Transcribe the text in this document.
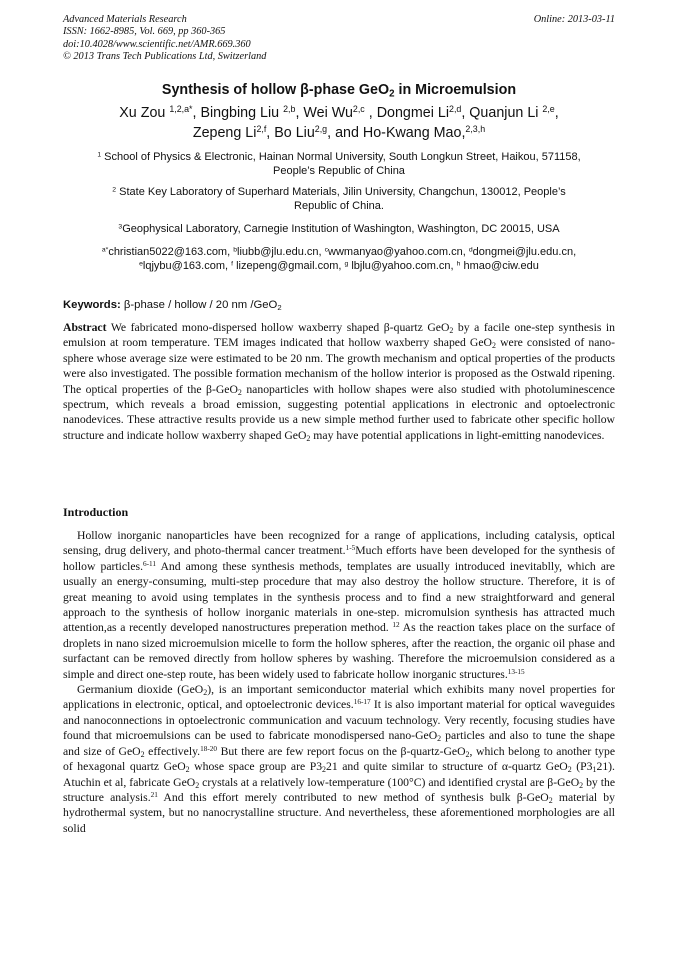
Advanced Materials Research
ISSN: 1662-8985, Vol. 669, pp 360-365
doi:10.4028/www.scientific.net/AMR.669.360
© 2013 Trans Tech Publications Ltd, Switzerland
Online: 2013-03-11
Synthesis of hollow β-phase GeO$_2$ in Microemulsion
Xu Zou $^{1,2,a*}$, Bingbing Liu $^{2,b}$, Wei Wu$^{2,c}$ , Dongmei Li$^{2,d}$, Quanjun Li $^{2,e}$,
Zepeng Li$^{2,f}$, Bo Liu$^{2,g}$, and Ho-Kwang Mao,$^{2,3,h}$
$^1$ School of Physics & Electronic, Hainan Normal University, South Longkun Street, Haikou, 571158,
People’s Republic of China
$^2$ State Key Laboratory of Superhard Materials, Jilin University, Changchun, 130012, People’s
Republic of China.
$^3$Geophysical Laboratory, Carnegie Institution of Washington, Washington, DC 20015, USA
$^{a*}$christian5022@163.com, $^b$liubb@jlu.edu.cn, $^c$wwmanyao@yahoo.com.cn, $^d$dongmei@jlu.edu.cn,
$^e$lqjybu@163.com, $^f$ lizepeng@gmail.com, $^g$ lbjlu@yahoo.com.cn, $^h$ hmao@ciw.edu
Keywords: β-phase / hollow / 20 nm /GeO$_2$
Abstract We fabricated mono-dispersed hollow waxberry shaped β-quartz GeO$_2$ by a facile one-step synthesis in emulsion at room temperature. TEM images indicated that hollow waxberry shaped GeO$_2$ were consisted of nano-sphere whose average size were estimated to be 20 nm. The growth mechanism and optical properties of the products were also investigated. The possible formation mechanism of the hollow interior is proposed as the Ostwald ripening. The optical properties of the β-GeO$_2$ nanoparticles with hollow shapes were also studied with photoluminescence spectrum, which reveals a broad emission, suggesting potential applications in electronic and optoelectronic nanodevices. These attractive results provide us a new simple method further used to fabricate other specific hollow structure and indicate hollow waxberry shaped GeO$_2$ may have potential applications in light-emitting nanodevices.
Introduction

Hollow inorganic nanoparticles have been recognized for a range of applications, including catalysis, optical sensing, drug delivery, and photo-thermal cancer treatment.$^{1-5}$Much efforts have been developed for the synthesis of hollow particles.$^{6-11}$ And among these synthesis methods, templates are usually introduced inevitablly, which are usually an energy-consuming, multi-step procedure that may also destroy the hollow structure. Therefore, it is of great meaning to avoid using templates in the synthesis process and to find a new straightforward and general approach to the synthesis of hollow inorganic materials in one-step. micromulsion synthesis has attracted much attention,as a recently developed nanostructures preperation method. $^{12}$ As the reaction takes place on the surface of droplets in nano sized microemulsion micelle to form the hollow spheres, after the reaction, the organic oil phase and surfactant can be removed directly from hollow spheres by washing. Therefore the microemulsion considered as a simple and direct one-step route, has been widely used to fabricate hollow inorganic structures.$^{13-15}$

Germanium dioxide (GeO$_2$), is an important semiconductor material which exhibits many novel properties for applications in electronic, optical, and optoelectronic devices.$^{16-17}$ It is also important material for optical waveguides and nanoconnections in optoelectronic communication and vacuum technology. Very recently, focusing studies have found that microemulsions can be used to fabricate monodispersed nano-GeO$_2$ particles and also to tune the shape and size of GeO$_2$ effectively.$^{18-20}$ But there are few report focus on the β-quartz-GeO$_2$, which belong to another type of hexagonal quartz GeO$_2$ whose space group are $P3_221$ and quite similar to structure of α-quartz GeO$_2$ $(P3_121)$. Atuchin et al, fabricate GeO$_2$ crystals at a relatively low-temperature (100°C) and identified crystal are β-GeO$_2$ by the structure analysis.$^{21}$ And this effort merely contributed to new method of synthesis bulk β-GeO$_2$ material by hydrothermal system, but no nanocrystalline structure. And nevertheless, these aforementioned morphologies are all solid
